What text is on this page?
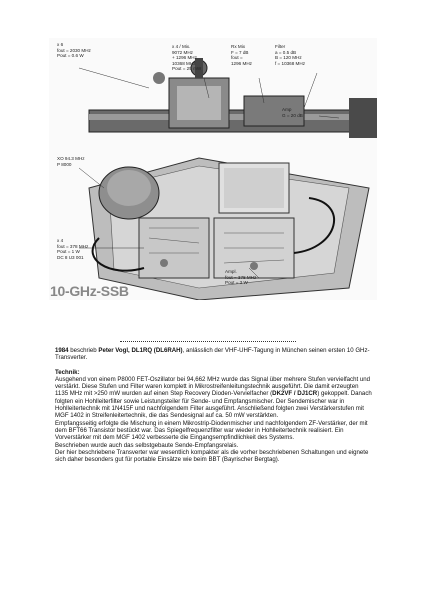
x 6
fout = 2030 MHz
Pout = 0.6 W
x 4 / Mix.
9072 MHz
+ 1296 MHz
10368 MHz
Pout = 25 mW
Rx Mix
F = 7 dB
fout =
1296 MHz
Filter
a = 0.5 dB
B = 120 MHz
f = 10368 MHz
Amp
G = 20 dB
XO 94.3 MHz
P 8000
x 4
fout = 378 MHz
Pout = 1 W
DC 8 U3 001
Ampl.
fout = 378 MHz
Pout = 3 W
10-GHz-SSB

1984 beschrieb Peter Vogl, DL1RQ (DL6RAH), anlässlich der VHF-UHF-Tagung in München seinen ersten 10 GHz-Transverter.

Technik:

Ausgehend von einem P8000 FET-Oszillator bei 94,662 MHz wurde das Signal über mehrere Stufen vervielfacht und verstärkt. Diese Stufen und Filter waren komplett in Mikrostreifenleitungstechnik ausgeführt. Die damit erzeugten 1135 MHz mit >250 mW wurden auf einen Step Recovery Dioden-Vervielfacher (DK2VF / DJ1CR) gekoppelt. Danach folgten ein Hohlleiterfilter sowie Leistungsteiler für Sende- und Empfangsmischer. Der Sendemischer war in Hohlleitertechnik mit 1N415F und nachfolgendem Filter ausgeführt. Anschließend folgten zwei Verstärkerstufen mit MGF 1402 in Streifenleitertechnik, die das Sendesignal auf ca. 50 mW verstärkten.

Empfangsseitig erfolgte die Mischung in einem Mikrostrip-Diodenmischer und nachfolgendem ZF-Verstärker, der mit dem BFT66 Transistor bestückt war. Das Spiegelfrequenzfilter war wieder in Hohlleitertechnik realisiert. Ein Vorverstärker mit dem MGF 1402 verbesserte die Eingangsempfindlichkeit des Systems.

Beschrieben wurde auch das selbstgebaute Sende-Empfangsrelais.

Der hier beschriebene Transverter war wesentlich kompakter als die vorher beschriebenen Schaltungen und eignete sich daher besonders gut für portable Einsätze wie beim BBT (Bayrischer Bergtag).
